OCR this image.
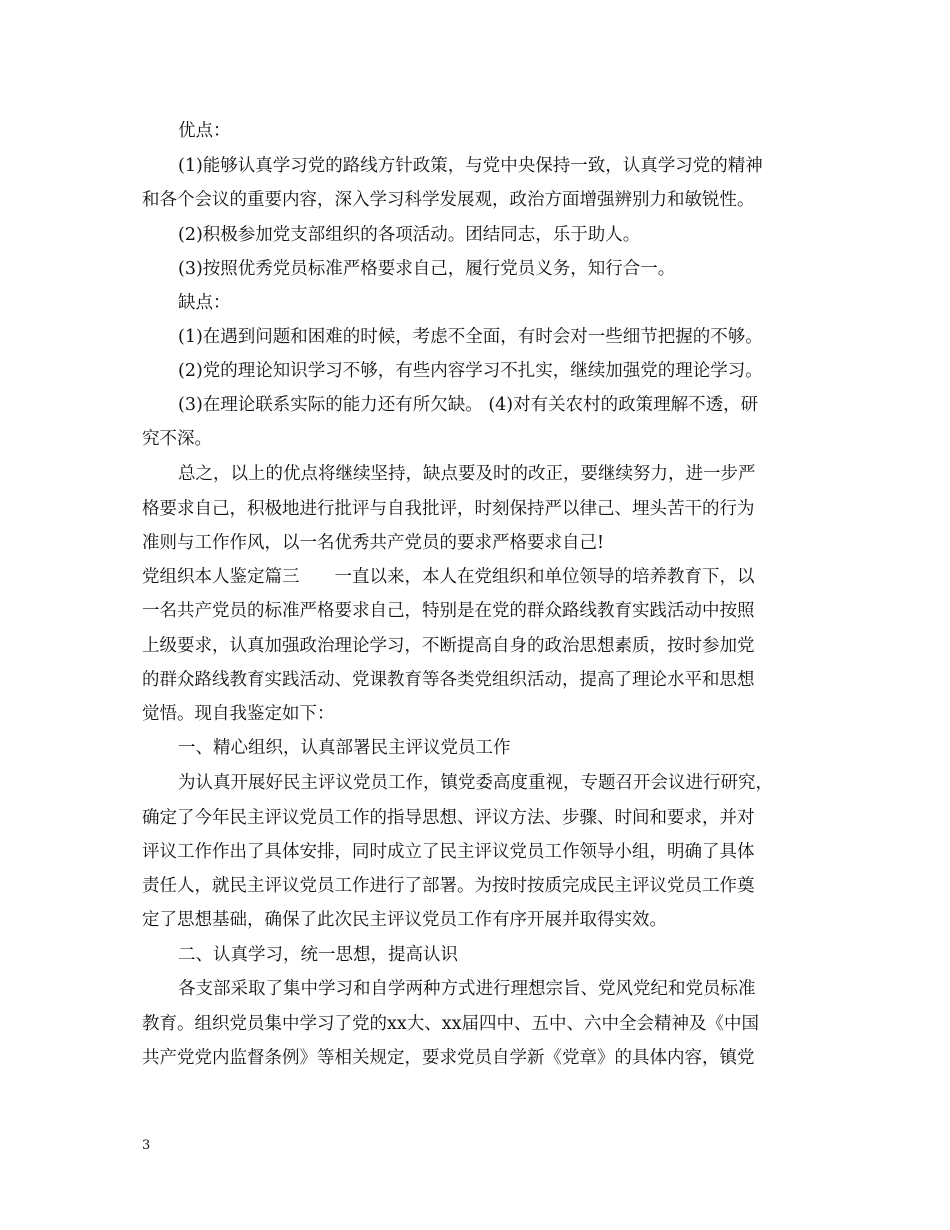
优点：
(1)能够认真学习党的路线方针政策，与党中央保持一致，认真学习党的精神
和各个会议的重要内容，深入学习科学发展观，政治方面增强辨别力和敏锐性。
(2)积极参加党支部组织的各项活动。团结同志，乐于助人。
(3)按照优秀党员标准严格要求自己，履行党员义务，知行合一。
缺点：
(1)在遇到问题和困难的时候，考虑不全面，有时会对一些细节把握的不够。
(2)党的理论知识学习不够，有些内容学习不扎实，继续加强党的理论学习。
(3)在理论联系实际的能力还有所欠缺。 (4)对有关农村的政策理解不透，研
究不深。
总之，以上的优点将继续坚持，缺点要及时的改正，要继续努力，进一步严
格要求自己，积极地进行批评与自我批评，时刻保持严以律己、埋头苦干的行为
准则与工作作风，以一名优秀共产党员的要求严格要求自己!
党组织本人鉴定篇三　　一直以来，本人在党组织和单位领导的培养教育下，以
一名共产党员的标准严格要求自己，特别是在党的群众路线教育实践活动中按照
上级要求，认真加强政治理论学习，不断提高自身的政治思想素质，按时参加党
的群众路线教育实践活动、党课教育等各类党组织活动，提高了理论水平和思想
觉悟。现自我鉴定如下：
一、精心组织，认真部署民主评议党员工作
为认真开展好民主评议党员工作，镇党委高度重视，专题召开会议进行研究，
确定了今年民主评议党员工作的指导思想、评议方法、步骤、时间和要求，并对
评议工作作出了具体安排，同时成立了民主评议党员工作领导小组，明确了具体
责任人，就民主评议党员工作进行了部署。为按时按质完成民主评议党员工作奠
定了思想基础，确保了此次民主评议党员工作有序开展并取得实效。
二、认真学习，统一思想，提高认识
各支部采取了集中学习和自学两种方式进行理想宗旨、党风党纪和党员标准
教育。组织党员集中学习了党的xx大、xx届四中、五中、六中全会精神及《中国
共产党党内监督条例》等相关规定，要求党员自学新《党章》的具体内容，镇党
3
